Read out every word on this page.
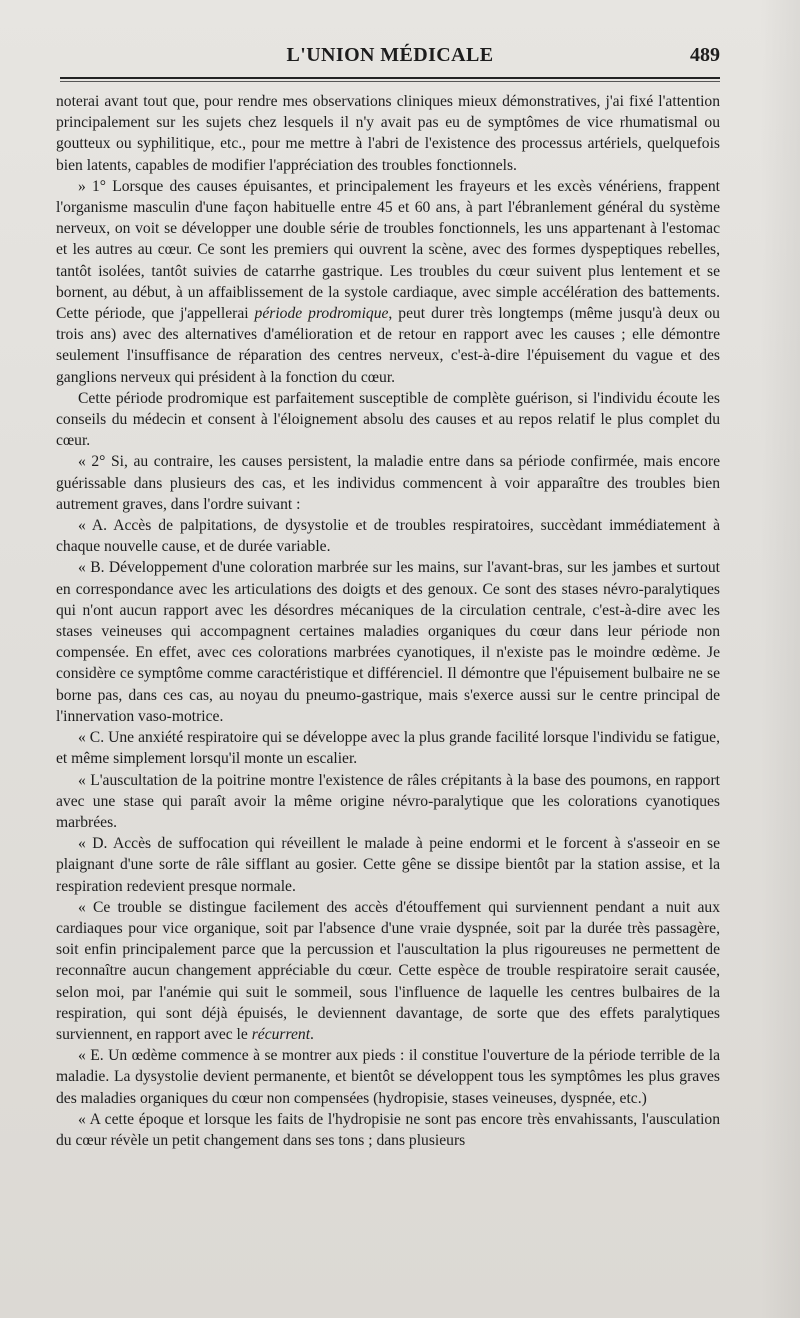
L'UNION MÉDICALE	489

noterai avant tout que, pour rendre mes observations cliniques mieux démonstratives, j'ai fixé l'attention principalement sur les sujets chez lesquels il n'y avait pas eu de symptômes de vice rhumatismal ou goutteux ou syphilitique, etc., pour me mettre à l'abri de l'existence des processus artériels, quelquefois bien latents, capables de modifier l'appréciation des troubles fonctionnels.

» 1° Lorsque des causes épuisantes, et principalement les frayeurs et les excès vénériens, frappent l'organisme masculin d'une façon habituelle entre 45 et 60 ans, à part l'ébranlement général du système nerveux, on voit se développer une double série de troubles fonctionnels, les uns appartenant à l'estomac et les autres au cœur. Ce sont les premiers qui ouvrent la scène, avec des formes dyspeptiques rebelles, tantôt isolées, tantôt suivies de catarrhe gastrique. Les troubles du cœur suivent plus lentement et se bornent, au début, à un affaiblissement de la systole cardiaque, avec simple accélération des battements. Cette période, que j'appellerai période prodromique, peut durer très longtemps (même jusqu'à deux ou trois ans) avec des alternatives d'amélioration et de retour en rapport avec les causes ; elle démontre seulement l'insuffisance de réparation des centres nerveux, c'est-à-dire l'épuisement du vague et des ganglions nerveux qui président à la fonction du cœur.

Cette période prodromique est parfaitement susceptible de complète guérison, si l'individu écoute les conseils du médecin et consent à l'éloignement absolu des causes et au repos relatif le plus complet du cœur.

« 2° Si, au contraire, les causes persistent, la maladie entre dans sa période confirmée, mais encore guérissable dans plusieurs des cas, et les individus commencent à voir apparaître des troubles bien autrement graves, dans l'ordre suivant :

« A. Accès de palpitations, de dysystolie et de troubles respiratoires, succèdant immédiatement à chaque nouvelle cause, et de durée variable.

« B. Développement d'une coloration marbrée sur les mains, sur l'avant-bras, sur les jambes et surtout en correspondance avec les articulations des doigts et des genoux. Ce sont des stases névro-paralytiques qui n'ont aucun rapport avec les désordres mécaniques de la circulation centrale, c'est-à-dire avec les stases veineuses qui accompagnent certaines maladies organiques du cœur dans leur période non compensée. En effet, avec ces colorations marbrées cyanotiques, il n'existe pas le moindre œdème. Je considère ce symptôme comme caractéristique et différenciel. Il démontre que l'épuisement bulbaire ne se borne pas, dans ces cas, au noyau du pneumo-gastrique, mais s'exerce aussi sur le centre principal de l'innervation vaso-motrice.

« C. Une anxiété respiratoire qui se développe avec la plus grande facilité lorsque l'individu se fatigue, et même simplement lorsqu'il monte un escalier.

« L'auscultation de la poitrine montre l'existence de râles crépitants à la base des poumons, en rapport avec une stase qui paraît avoir la même origine névro-paralytique que les colorations cyanotiques marbrées.

« D. Accès de suffocation qui réveillent le malade à peine endormi et le forcent à s'asseoir en se plaignant d'une sorte de râle sifflant au gosier. Cette gêne se dissipe bientôt par la station assise, et la respiration redevient presque normale.

« Ce trouble se distingue facilement des accès d'étouffement qui surviennent pendant a nuit aux cardiaques pour vice organique, soit par l'absence d'une vraie dyspnée, soit par la durée très passagère, soit enfin principalement parce que la percussion et l'auscultation la plus rigoureuses ne permettent de reconnaître aucun changement appréciable du cœur. Cette espèce de trouble respiratoire serait causée, selon moi, par l'anémie qui suit le sommeil, sous l'influence de laquelle les centres bulbaires de la respiration, qui sont déjà épuisés, le deviennent davantage, de sorte que des effets paralytiques surviennent, en rapport avec le récurrent.

« E. Un œdème commence à se montrer aux pieds : il constitue l'ouverture de la période terrible de la maladie. La dysystolie devient permanente, et bientôt se développent tous les symptômes les plus graves des maladies organiques du cœur non compensées (hydropisie, stases veineuses, dyspnée, etc.)

« A cette époque et lorsque les faits de l'hydropisie ne sont pas encore très envahissants, l'ausculation du cœur révèle un petit changement dans ses tons ; dans plusieurs
